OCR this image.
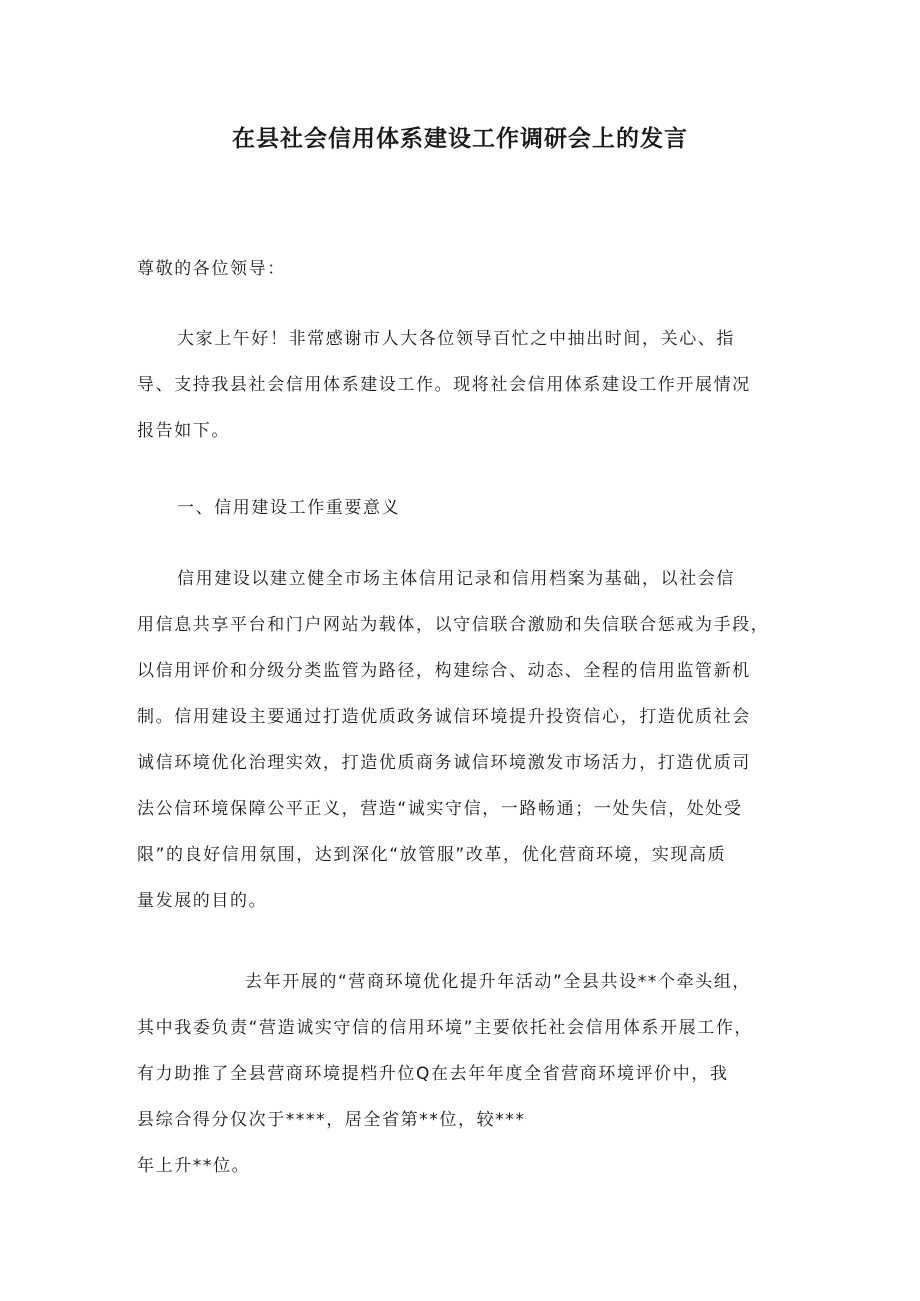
在县社会信用体系建设工作调研会上的发言
尊敬的各位领导：
大家上午好！非常感谢市人大各位领导百忙之中抽出时间，关心、指
导、支持我县社会信用体系建设工作。现将社会信用体系建设工作开展情况
报告如下。
一、信用建设工作重要意义
信用建设以建立健全市场主体信用记录和信用档案为基础，以社会信
用信息共享平台和门户网站为载体，以守信联合激励和失信联合惩戒为手段，
以信用评价和分级分类监管为路径，构建综合、动态、全程的信用监管新机
制。信用建设主要通过打造优质政务诚信环境提升投资信心，打造优质社会
诚信环境优化治理实效，打造优质商务诚信环境激发市场活力，打造优质司
法公信环境保障公平正义，营造“诚实守信，一路畅通；一处失信，处处受
限”的良好信用氛围，达到深化“放管服”改革，优化营商环境，实现高质
量发展的目的。
去年开展的“营商环境优化提升年活动”全县共设**个牵头组，
其中我委负责“营造诚实守信的信用环境”主要依托社会信用体系开展工作，
有力助推了全县营商环境提档升位Q在去年年度全省营商环境评价中，我
县综合得分仅次于****，居全省第**位，较***
年上升**位。
